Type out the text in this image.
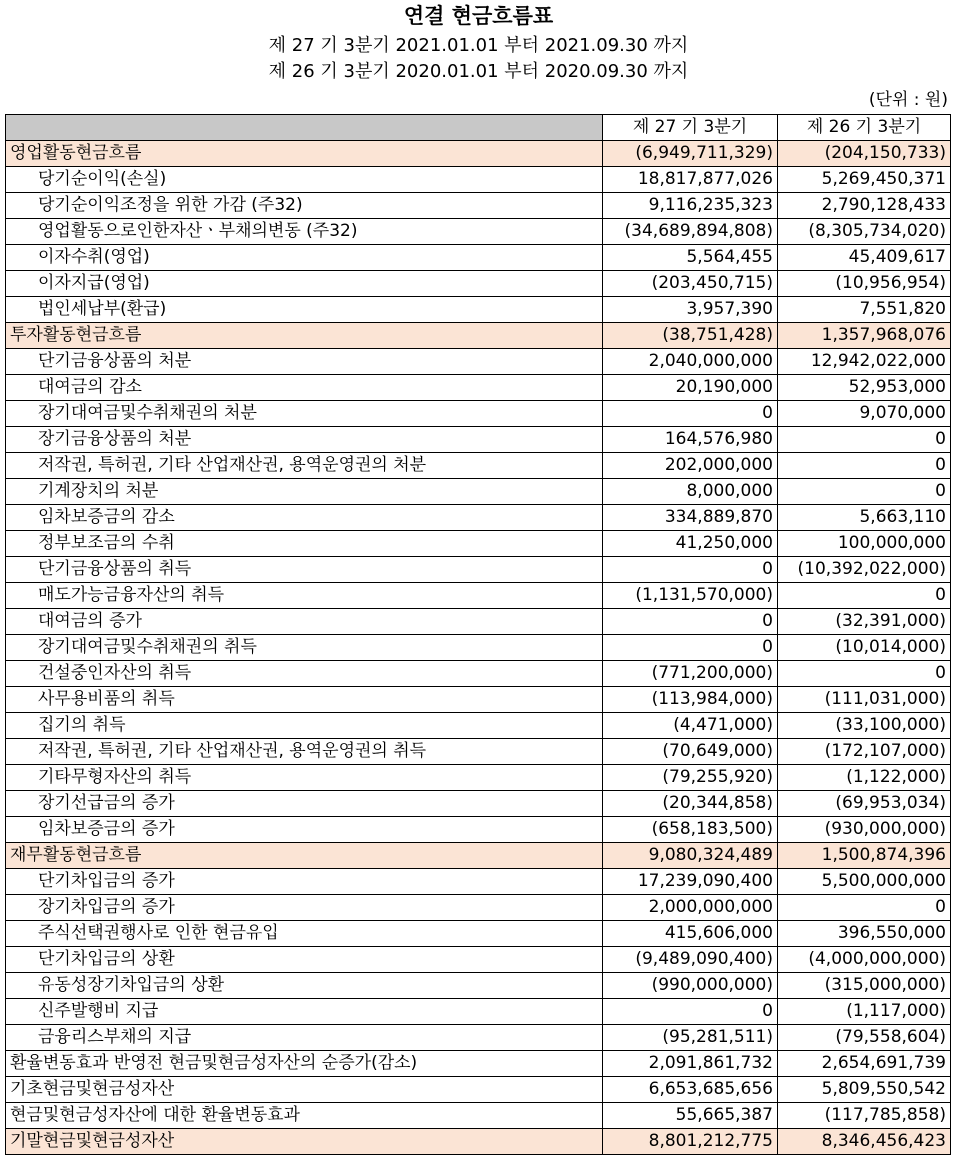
연결 현금흐름표
제 27 기 3분기 2021.01.01 부터 2021.09.30 까지
제 26 기 3분기 2020.01.01 부터 2020.09.30 까지
(단위 : 원)
	제 27 기 3분기	제 26 기 3분기
영업활동현금흐름	(6,949,711,329)	(204,150,733)
당기순이익(손실)	18,817,877,026	5,269,450,371
당기순이익조정을 위한 가감 (주32)	9,116,235,323	2,790,128,433
영업활동으로인한자산ㆍ부채의변동 (주32)	(34,689,894,808)	(8,305,734,020)
이자수취(영업)	5,564,455	45,409,617
이자지급(영업)	(203,450,715)	(10,956,954)
법인세납부(환급)	3,957,390	7,551,820
투자활동현금흐름	(38,751,428)	1,357,968,076
단기금융상품의 처분	2,040,000,000	12,942,022,000
대여금의 감소	20,190,000	52,953,000
장기대여금및수취채권의 처분	0	9,070,000
장기금융상품의 처분	164,576,980	0
저작권, 특허권, 기타 산업재산권, 용역운영권의 처분	202,000,000	0
기계장치의 처분	8,000,000	0
임차보증금의 감소	334,889,870	5,663,110
정부보조금의 수취	41,250,000	100,000,000
단기금융상품의 취득	0	(10,392,022,000)
매도가능금융자산의 취득	(1,131,570,000)	0
대여금의 증가	0	(32,391,000)
장기대여금및수취채권의 취득	0	(10,014,000)
건설중인자산의 취득	(771,200,000)	0
사무용비품의 취득	(113,984,000)	(111,031,000)
집기의 취득	(4,471,000)	(33,100,000)
저작권, 특허권, 기타 산업재산권, 용역운영권의 취득	(70,649,000)	(172,107,000)
기타무형자산의 취득	(79,255,920)	(1,122,000)
장기선급금의 증가	(20,344,858)	(69,953,034)
임차보증금의 증가	(658,183,500)	(930,000,000)
재무활동현금흐름	9,080,324,489	1,500,874,396
단기차입금의 증가	17,239,090,400	5,500,000,000
장기차입금의 증가	2,000,000,000	0
주식선택권행사로 인한 현금유입	415,606,000	396,550,000
단기차입금의 상환	(9,489,090,400)	(4,000,000,000)
유동성장기차입금의 상환	(990,000,000)	(315,000,000)
신주발행비 지급	0	(1,117,000)
금융리스부채의 지급	(95,281,511)	(79,558,604)
환율변동효과 반영전 현금및현금성자산의 순증가(감소)	2,091,861,732	2,654,691,739
기초현금및현금성자산	6,653,685,656	5,809,550,542
현금및현금성자산에 대한 환율변동효과	55,665,387	(117,785,858)
기말현금및현금성자산	8,801,212,775	8,346,456,423
